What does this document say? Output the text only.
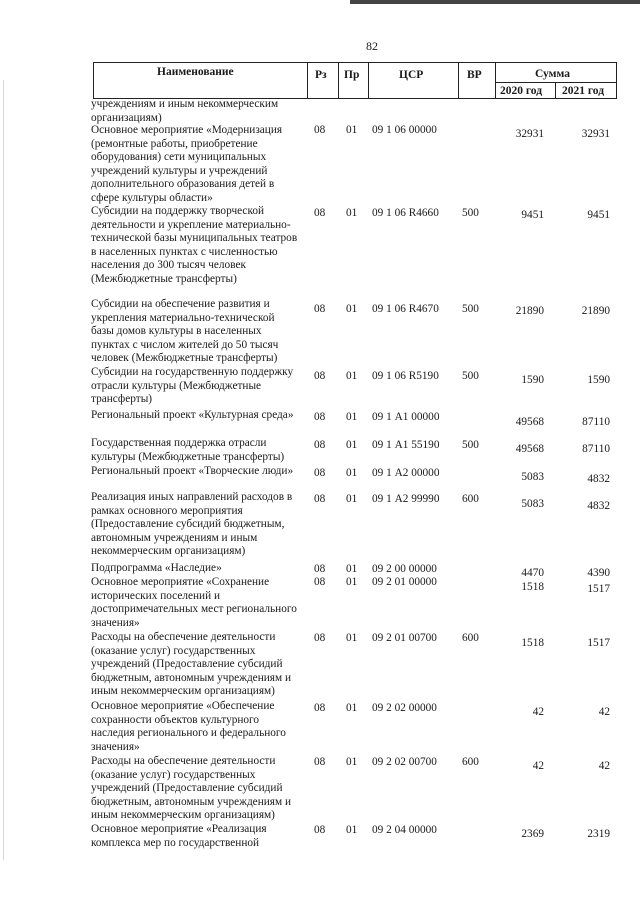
82
Наименование	Рз Пр	ЦСР	ВР	Сумма
2020 год 2021 год
учреждениям и иным некоммерческим организациям)
Основное мероприятие «Модернизация (ремонтные работы, приобретение оборудования) сети муниципальных учреждений культуры и учреждений дополнительного образования детей в сфере культуры области»
08 01 09 1 06 00000	32931	32931
Субсидии на поддержку творческой деятельности и укрепление материально-технической базы муниципальных театров в населенных пунктах с численностью населения до 300 тысяч человек (Межбюджетные трансферты)
08 01 09 1 06 R4660 500	9451	9451
Субсидии на обеспечение развития и укрепления материально-технической базы домов культуры в населенных пунктах с числом жителей до 50 тысяч человек (Межбюджетные трансферты)
08 01 09 1 06 R4670 500	21890	21890
Субсидии на государственную поддержку отрасли культуры (Межбюджетные трансферты)
08 01 09 1 06 R5190 500	1590	1590
Региональный проект «Культурная среда»	08 01 09 1 А1 00000	49568	87110
Государственная поддержка отрасли культуры (Межбюджетные трансферты)
08 01 09 1 А1 55190 500	49568	87110
Региональный проект «Творческие люди»	08 01 09 1 А2 00000	5083	4832
Реализация иных направлений расходов в рамках основного мероприятия (Предоставление субсидий бюджетным, автономным учреждениям и иным некоммерческим организациям)
08 01 09 1 А2 99990 600	5083	4832
Подпрограмма «Наследие»	08 01 09 2 00 00000	4470	4390
Основное мероприятие «Сохранение исторических поселений и достопримечательных мест регионального значения»
08 01 09 2 01 00000	1518	1517
Расходы на обеспечение деятельности (оказание услуг) государственных учреждений (Предоставление субсидий бюджетным, автономным учреждениям и иным некоммерческим организациям)
08 01 09 2 01 00700 600	1518	1517
Основное мероприятие «Обеспечение сохранности объектов культурного наследия регионального и федерального значения»
08 01 09 2 02 00000	42	42
Расходы на обеспечение деятельности (оказание услуг) государственных учреждений (Предоставление субсидий бюджетным, автономным учреждениям и иным некоммерческим организациям)
08 01 09 2 02 00700 600	42	42
Основное мероприятие «Реализация комплекса мер по государственной
08 01 09 2 04 00000	2369	2319
